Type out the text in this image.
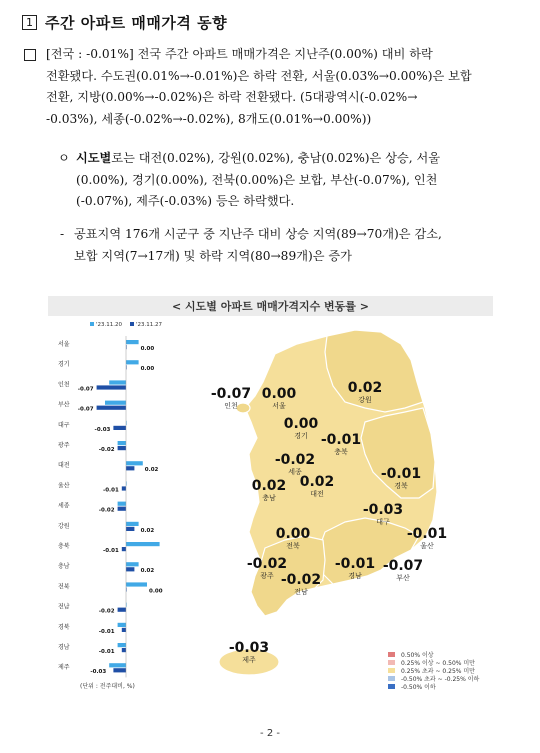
1 주간 아파트 매매가격 동향
[전국 : -0.01%] 전국 주간 아파트 매매가격은 지난주(0.00%) 대비 하락
전환됐다. 수도권(0.01%→-0.01%)은 하락 전환, 서울(0.03%→0.00%)은 보합
전환, 지방(0.00%→-0.02%)은 하락 전환됐다. (5대광역시(-0.02%→
-0.03%), 세종(-0.02%→-0.02%), 8개도(0.01%→0.00%))
ㅇ 시도별로는 대전(0.02%), 강원(0.02%), 충남(0.02%)은 상승, 서울
(0.00%), 경기(0.00%), 전북(0.00%)은 보합, 부산(-0.07%), 인천
(-0.07%), 제주(-0.03%) 등은 하락했다.
- 공표지역 176개 시군구 중 지난주 대비 상승 지역(89→70개)은 감소,
보합 지역(7→17개) 및 하락 지역(80→89개)은 증가
< 시도별 아파트 매매가격지수 변동률 >
'23.11.20	'23.11.27
서울
0.00
경기
0.00
인천
-0.07
부산
-0.07
대구
-0.03
광주
-0.02
대전
0.02
울산
-0.01
세종
-0.02
강원
0.02
충북
-0.01
충남
0.02
전북
0.00
전남
-0.02
경북
-0.01
경남
-0.01
제주
-0.03
(단위 : 전주대비, %)
-0.07
인천
0.00
서울
0.00
경기
0.02
강원
-0.01
충북
-0.02
세종
0.02
충남
0.02
대전
-0.01
경북
-0.03
대구
0.00
전북
-0.01
울산
-0.02
광주 -0.02
전남
-0.01
경남
-0.07
부산
-0.03
제주
0.50% 이상
0.25% 이상 ~ 0.50% 미만
0.25% 초과 ~ 0.25% 미만
-0.50% 초과 ~ -0.25% 이하
-0.50% 이하
- 2 -
